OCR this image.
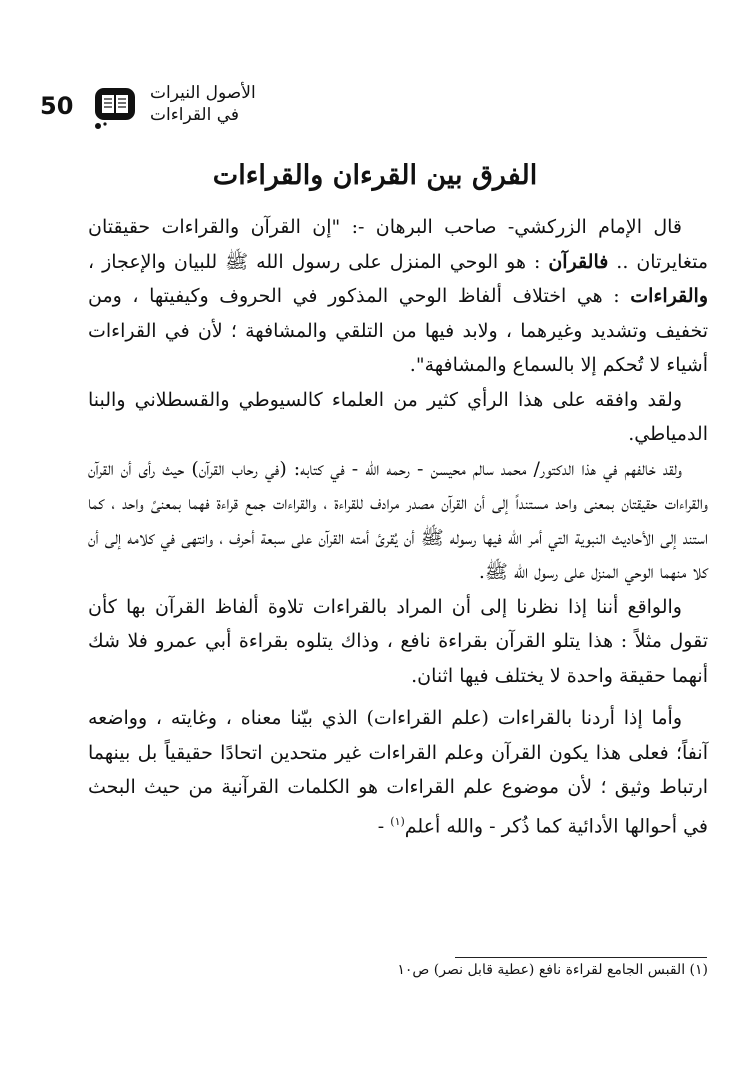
50	الأصول النيرات
في القراءات
الفرق بين القرءان والقراءات

قال الإمام الزركشي- صاحب البرهان -: "إن القرآن والقراءات حقيقتان متغايرتان .. فالقرآن : هو الوحي المنزل على رسول الله ﷺ للبيان والإعجاز ، والقراءات : هي اختلاف ألفاظ الوحي المذكور في الحروف وكيفيتها ، ومن تخفيف وتشديد وغيرهما ، ولابد فيها من التلقي والمشافهة ؛ لأن في القراءات أشياء لا تُحكم إلا بالسماع والمشافهة".

ولقد وافقه على هذا الرأي كثير من العلماء كالسيوطي والقسطلاني والبنا الدمياطي.

ولقد خالفهم في هذا الدكتور/ محمد سالم محيسن - رحمه الله - في كتابه: (في رحاب القرآن) حيث رأى أن القرآن والقراءات حقيقتان بمعنى واحد مستنداً إلى أن القرآن مصدر مرادف للقراءة ، والقراءات جمع قراءة فهما بمعنىً واحد ، كما استند إلى الأحاديث النبوية التي أمر الله فيها رسوله ﷺ أن يُقرئ أمته القرآن على سبعة أحرف ، وانتهى في كلامه إلى أن كلا منهما الوحي المنزل على رسول الله ﷺ.

والواقع أننا إذا نظرنا إلى أن المراد بالقراءات تلاوة ألفاظ القرآن بها كأن تقول مثلاً : هذا يتلو القرآن بقراءة نافع ، وذاك يتلوه بقراءة أبي عمرو فلا شك أنهما حقيقة واحدة لا يختلف فيها اثنان.

وأما إذا أردنا بالقراءات (علم القراءات) الذي بيّنا معناه ، وغايته ، وواضعه آنفاً؛ فعلى هذا يكون القرآن وعلم القراءات غير متحدين اتحادًا حقيقياً بل بينهما ارتباط وثيق ؛ لأن موضوع علم القراءات هو الكلمات القرآنية من حيث البحث في أحوالها الأدائية كما ذُكر - والله أعلم$^{(١)}$ -

(١) القبس الجامع لقراءة نافع (عطية قابل نصر) ص١٠
